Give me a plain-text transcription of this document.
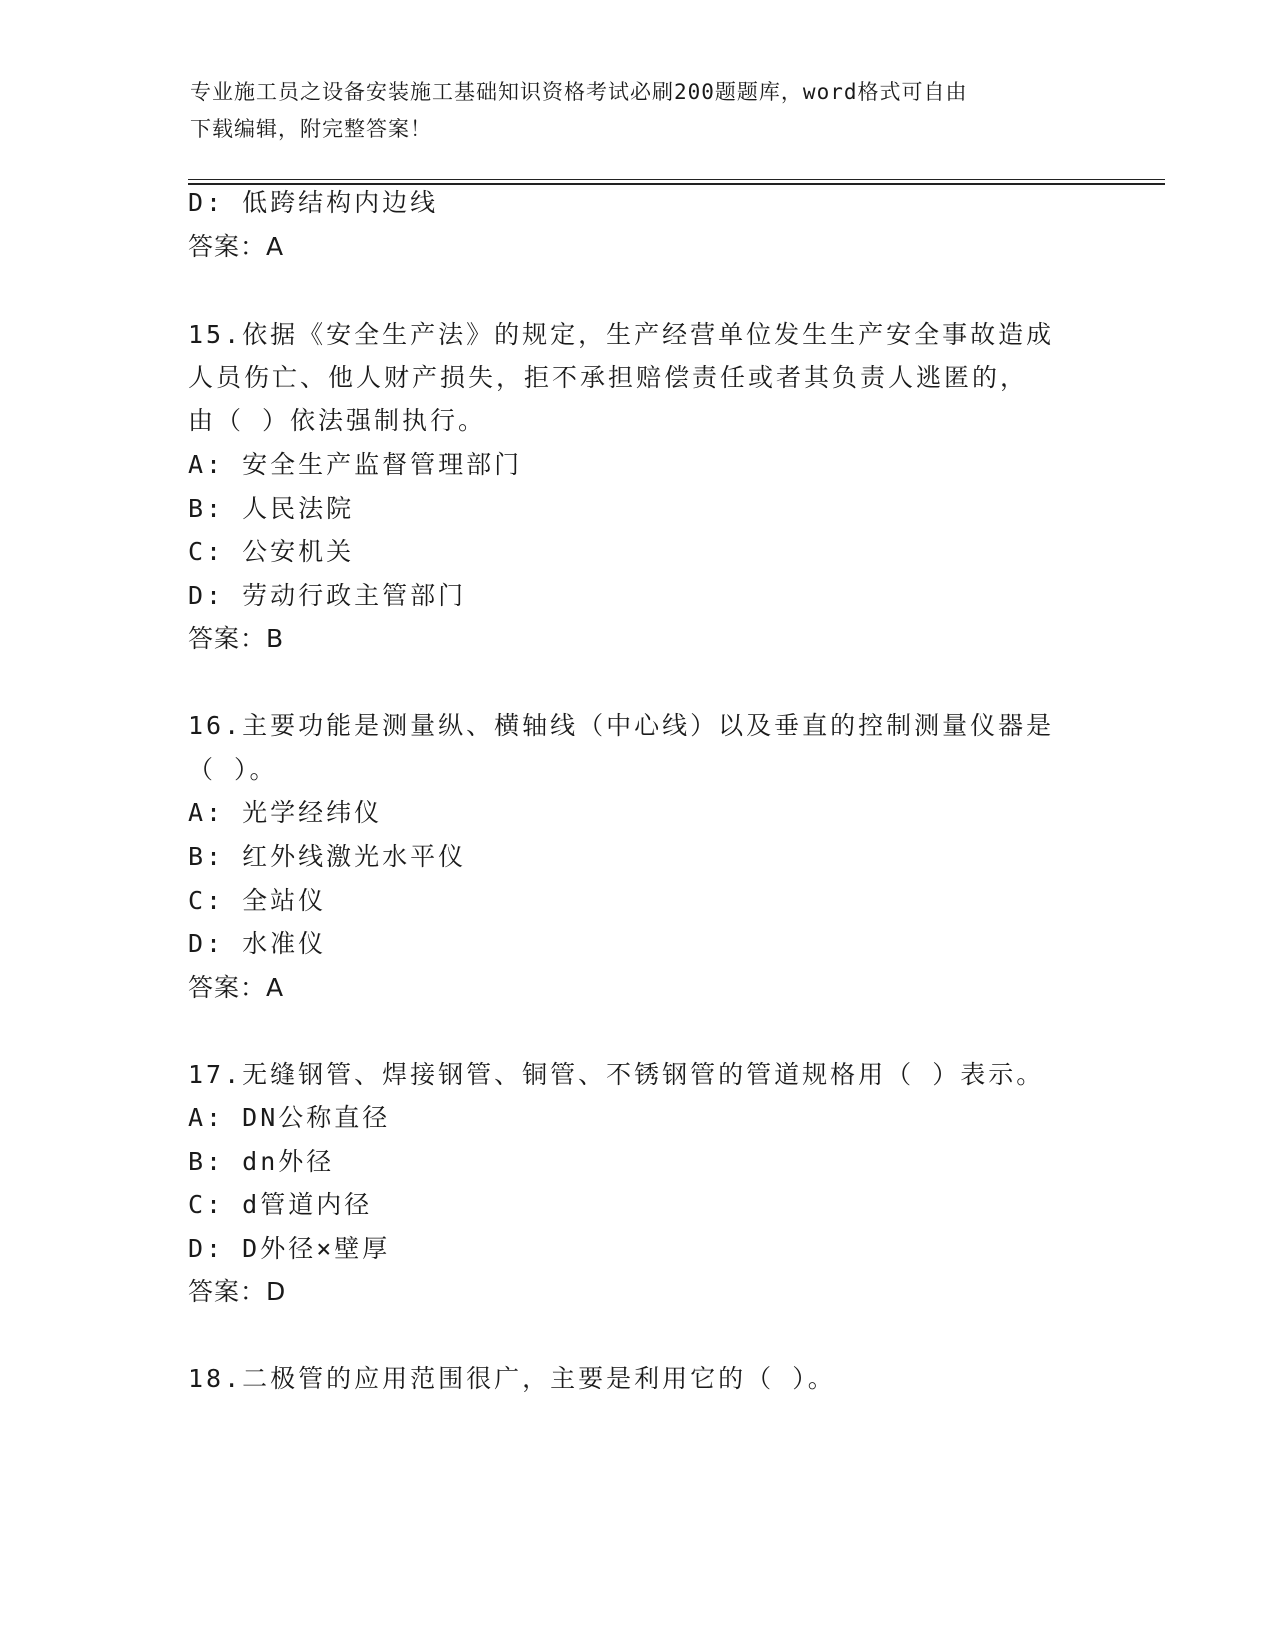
专业施工员之设备安装施工基础知识资格考试必刷200题题库，word格式可自由
下载编辑，附完整答案！
D: 低跨结构内边线
答案：A
15.依据《安全生产法》的规定，生产经营单位发生生产安全事故造成
人员伤亡、他人财产损失，拒不承担赔偿责任或者其负责人逃匿的，
由（ ）依法强制执行。
A: 安全生产监督管理部门
B: 人民法院
C: 公安机关
D: 劳动行政主管部门
答案：B
16.主要功能是测量纵、横轴线（中心线）以及垂直的控制测量仪器是
（ ）。
A: 光学经纬仪
B: 红外线激光水平仪
C: 全站仪
D: 水准仪
答案：A
17.无缝钢管、焊接钢管、铜管、不锈钢管的管道规格用（ ）表示。
A: DN公称直径
B: dn外径
C: d管道内径
D: D外径×壁厚
答案：D
18.二极管的应用范围很广，主要是利用它的（ ）。
